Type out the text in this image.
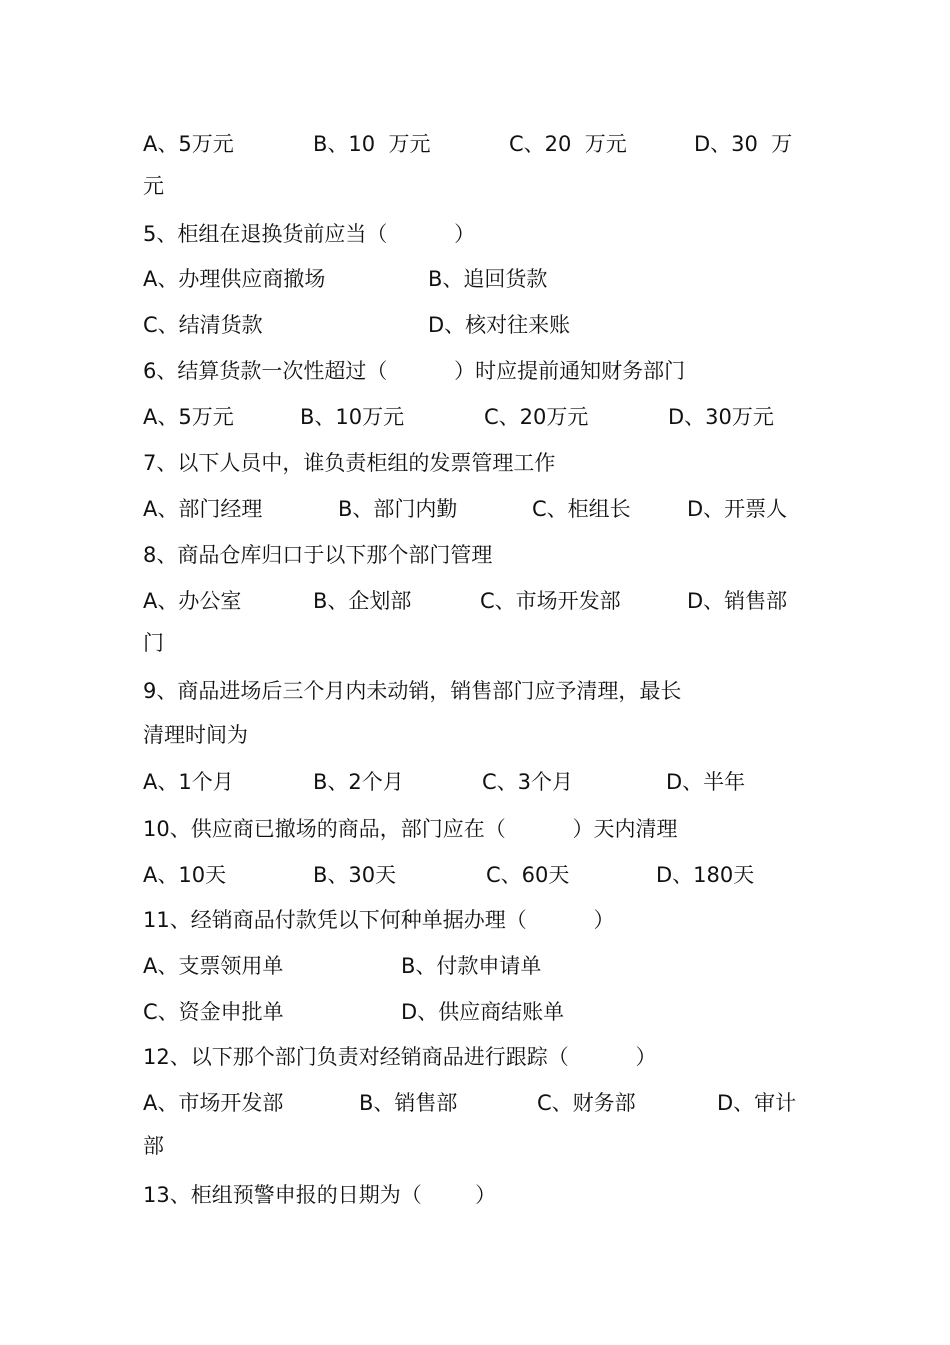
A、5万元

	B、10  万元

	C、20  万元

	D、30  万

元

5、柜组在退换货前应当（          ）

A、办理供应商撤场

	B、追回货款

C、结清货款

	D、核对往来账

6、结算货款一次性超过（          ）时应提前通知财务部门

A、5万元

	B、10万元

	C、20万元

	D、30万元

7、以下人员中，谁负责柜组的发票管理工作

A、部门经理

	B、部门内勤

	C、柜组长

	D、开票人

8、商品仓库归口于以下那个部门管理

A、办公室

	B、企划部

	C、市场开发部

	D、销售部

门

9、商品进场后三个月内未动销，销售部门应予清理，最长

清理时间为

A、1个月

	B、2个月

	C、3个月

	D、半年

10、供应商已撤场的商品，部门应在（          ）天内清理

A、10天

	B、30天

	C、60天

	D、180天

11、经销商品付款凭以下何种单据办理（          ）

A、支票领用单

	B、付款申请单

C、资金申批单

	D、供应商结账单

12、以下那个部门负责对经销商品进行跟踪（          ）

A、市场开发部

	B、销售部

	C、财务部

	D、审计

部

13、柜组预警申报的日期为（        ）
